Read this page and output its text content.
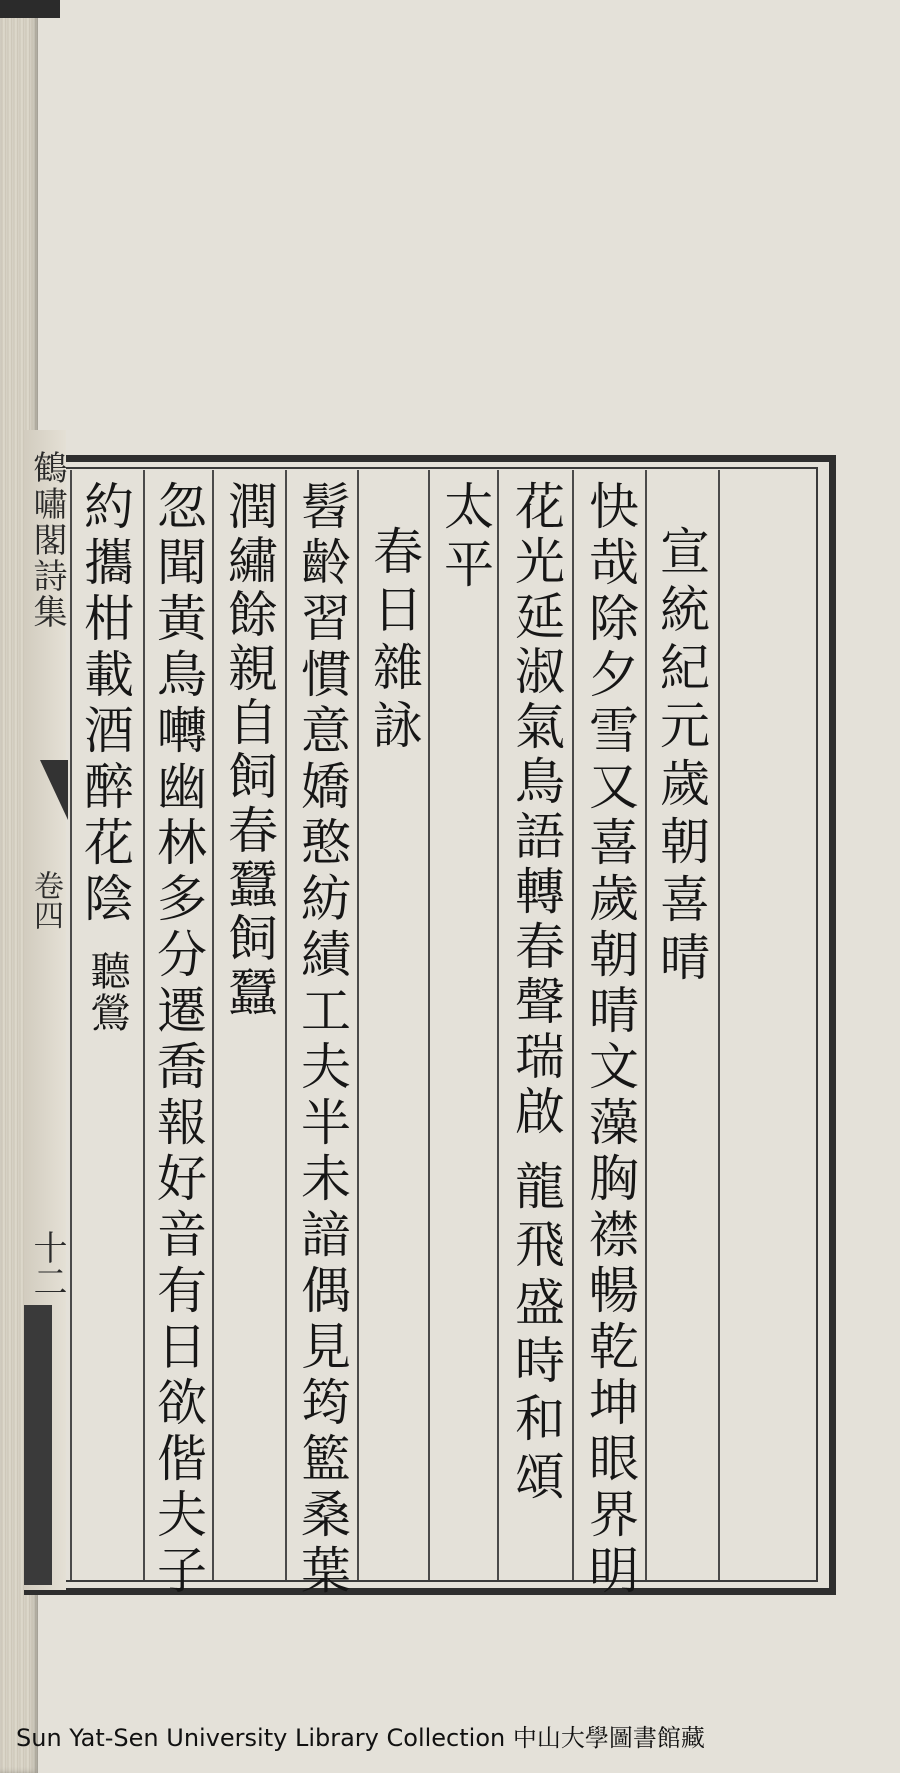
宣統紀元歲朝喜晴
快哉除夕雪又喜歲朝晴文藻胸襟暢乾坤眼界明
花光延淑氣鳥語轉春聲瑞啟
龍飛盛時和頌
太平
春日雜詠
髫齡習慣意嬌憨紡績工夫半未諳偶見筠籃桑葉
潤繡餘親自飼春蠶飼蠶
忽聞黃鳥囀幽林多分遷喬報好音有日欲偕夫子
約攜柑載酒醉花陰
聽鶯
鶴嘯閣詩集
卷四
十二
Sun Yat-Sen University Library Collection 中山大學圖書館藏
